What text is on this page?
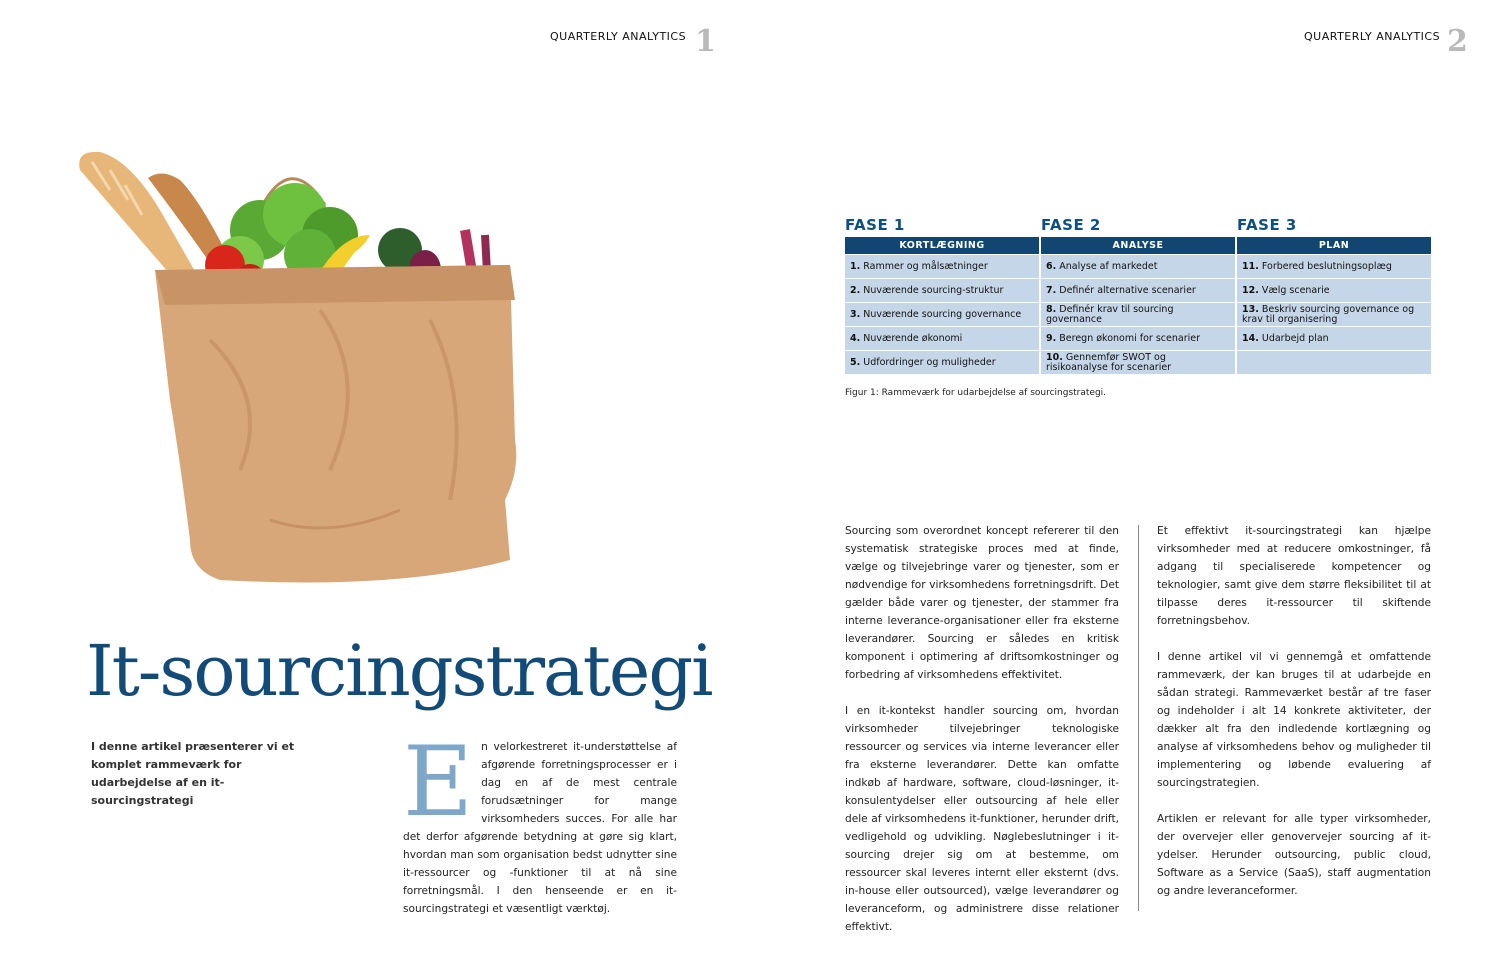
QUARTERLY ANALYTICS 1	QUARTERLY ANALYTICS 2
It-sourcingstrategi
I denne artikel præsenterer vi et komplet rammeværk for udarbejdelse af en it-sourcingstrategi	En velorkestreret it-understøttelse af afgørende forretningsprocesser er i dag en af de mest centrale forudsætninger for mange virksomheders succes. For alle har det derfor afgørende betydning at gøre sig klart, hvordan man som organisation bedst udnytter sine it-ressourcer og -funktioner til at nå sine forretningsmål. I den henseende er en it-sourcingstrategi et væsentligt værktøj.
FASE 1	FASE 2	FASE 3
KORTLÆGNING	ANALYSE	PLAN
1. Rammer og målsætninger	6. Analyse af markedet	11. Forbered beslutningsoplæg
2. Nuværende sourcing-struktur	7. Definér alternative scenarier	12. Vælg scenarie
3. Nuværende sourcing governance	8. Definér krav til sourcing governance	13. Beskriv sourcing governance og krav til organisering
4. Nuværende økonomi	9. Beregn økonomi for scenarier	14. Udarbejd plan
5. Udfordringer og muligheder	10. Gennemfør SWOT og risikoanalyse for scenarier	
Figur 1: Rammeværk for udarbejdelse af sourcingstrategi.

Sourcing som overordnet koncept refererer til den systematisk strategiske proces med at finde, vælge og tilvejebringe varer og tjenester, som er nødvendige for virksomhedens forretningsdrift. Det gælder både varer og tjenester, der stammer fra interne leverance-organisationer eller fra eksterne leverandører. Sourcing er således en kritisk komponent i optimering af driftsomkostninger og forbedring af virksomhedens effektivitet.

I en it-kontekst handler sourcing om, hvordan virksomheder tilvejebringer teknologiske ressourcer og services via interne leverancer eller fra eksterne leverandører. Dette kan omfatte indkøb af hardware, software, cloud-løsninger, it-konsulentydelser eller outsourcing af hele eller dele af virksomhedens it-funktioner, herunder drift, vedligehold og udvikling. Nøglebeslutninger i it-sourcing drejer sig om at bestemme, om ressourcer skal leveres internt eller eksternt (dvs. in-house eller outsourced), vælge leverandører og leveranceform, og administrere disse relationer effektivt.

Et effektivt it-sourcingstrategi kan hjælpe virksomheder med at reducere omkostninger, få adgang til specialiserede kompetencer og teknologier, samt give dem større fleksibilitet til at tilpasse deres it-ressourcer til skiftende forretningsbehov.

I denne artikel vil vi gennemgå et omfattende rammeværk, der kan bruges til at udarbejde en sådan strategi. Rammeværket består af tre faser og indeholder i alt 14 konkrete aktiviteter, der dækker alt fra den indledende kortlægning og analyse af virksomhedens behov og muligheder til implementering og løbende evaluering af sourcingstrategien.

Artiklen er relevant for alle typer virksomheder, der overvejer eller genovervejer sourcing af it-ydelser. Herunder outsourcing, public cloud, Software as a Service (SaaS), staff augmentation og andre leveranceformer.
